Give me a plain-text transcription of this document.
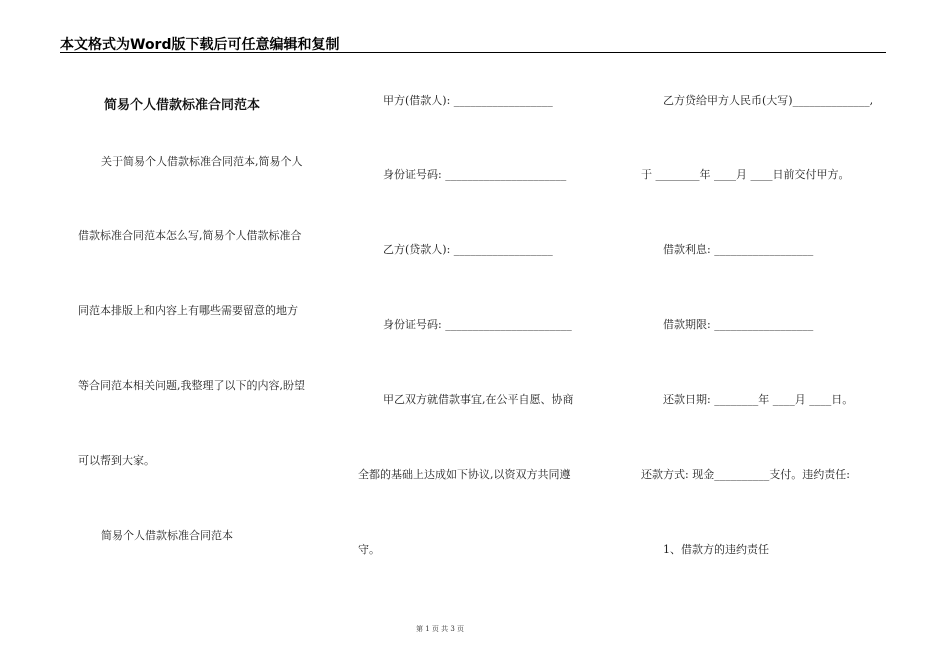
本文格式为Word版下载后可任意编辑和复制
简易个人借款标准合同范本
关于简易个人借款标准合同范本,简易个人
借款标准合同范本怎么写,简易个人借款标准合
同范本排版上和内容上有哪些需要留意的地方
等合同范本相关问题,我整理了以下的内容,盼望
可以帮到大家。
简易个人借款标准合同范本
甲方(借款人): __________________
身份证号码: ______________________
乙方(贷款人): __________________
身份证号码: _______________________
甲乙双方就借款事宜,在公平自愿、协商
全都的基础上达成如下协议,以资双方共同遵
守。
乙方贷给甲方人民币(大写)______________,
于 ________年 ____月 ____日前交付甲方。
借款利息: __________________
借款期限: __________________
还款日期: ________年 ____月 ____日。
还款方式: 现金__________支付。违约责任:
1、借款方的违约责任
第 1 页 共 3 页
